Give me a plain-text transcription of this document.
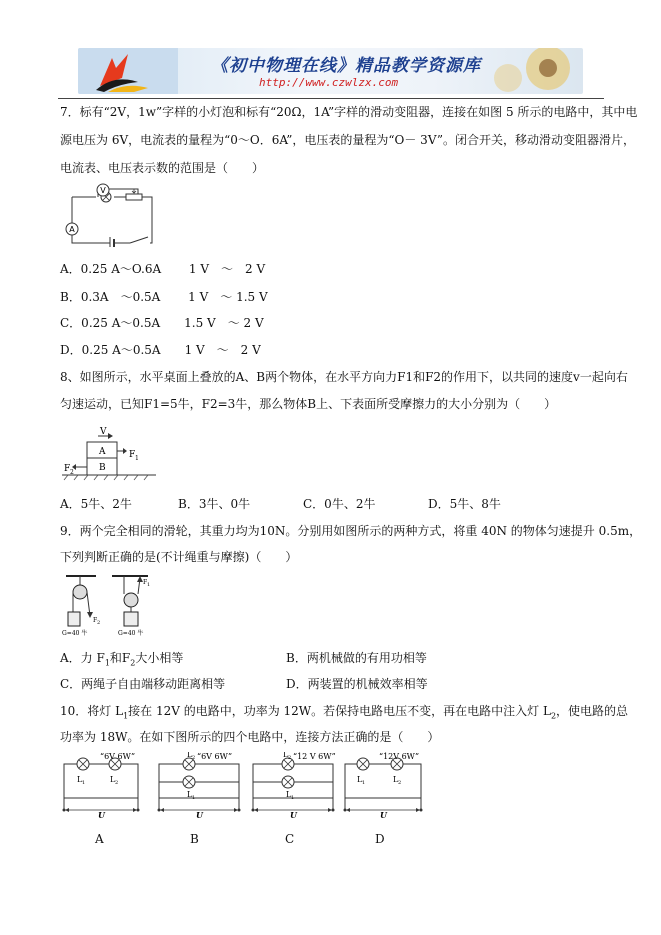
《初中物理在线》精品教学资源库
http://www.czwlzx.com
7．标有“2V，1w”字样的小灯泡和标有“20Ω，1A”字样的滑动变阻器，连接在如图 5 所示的电路中，其中电
源电压为 6V，电流表的量程为“0～O．6A”，电压表的量程为“O－ 3V”。闭合开关，移动滑动变阻器滑片，
电流表、电压表示数的范围是（　　）
A
V
A．0.25 A～O.6A　　 1 V　～　2 V
B．0.3A　～0.5A　　 1 V　～ 1.5 V
C．0.25 A～0.5A　　1.5 V　～ 2 V
D．0.25 A～0.5A　　1 V　～　2 V
8、如图所示，水平桌面上叠放的A、B两个物体，在水平方向力F1和F2的作用下，以共同的速度v一起向右
匀速运动，已知F1=5牛，F2=3牛，那么物体B上、下表面所受摩擦力的大小分别为（　　）
V
A
B
F 1
F 2
A．5牛、2牛	B．3牛、0牛	C．0牛、2牛	D．5牛、8牛
9．两个完全相同的滑轮，其重力均为10N。分别用如图所示的两种方式，将重 40N 的物体匀速提升 0.5m，
下列判断正确的是(不计绳重与摩擦)（　　）
F 2
G=40 牛
F 1
G=40 牛
A．力 $F_1$和$F_2$大小相等	B．两机械做的有用功相等
C．两绳子自由端移动距离相等	D．两装置的机械效率相等
10．将灯 $L_1$接在 12V 的电路中，功率为 12W。若保持电路电压不变，再在电路中注入灯 $L_2$，使电路的总
功率为 18W。在如下图所示的四个电路中，连接方法正确的是（　　）
“6V 6W”
L 1	L 2
U
L 2 “6V 6W”
L 1
U
L 2 “12 V 6W”
L 1
U
“12V 6W”
L 1	L 2
U
A	B	C	D
